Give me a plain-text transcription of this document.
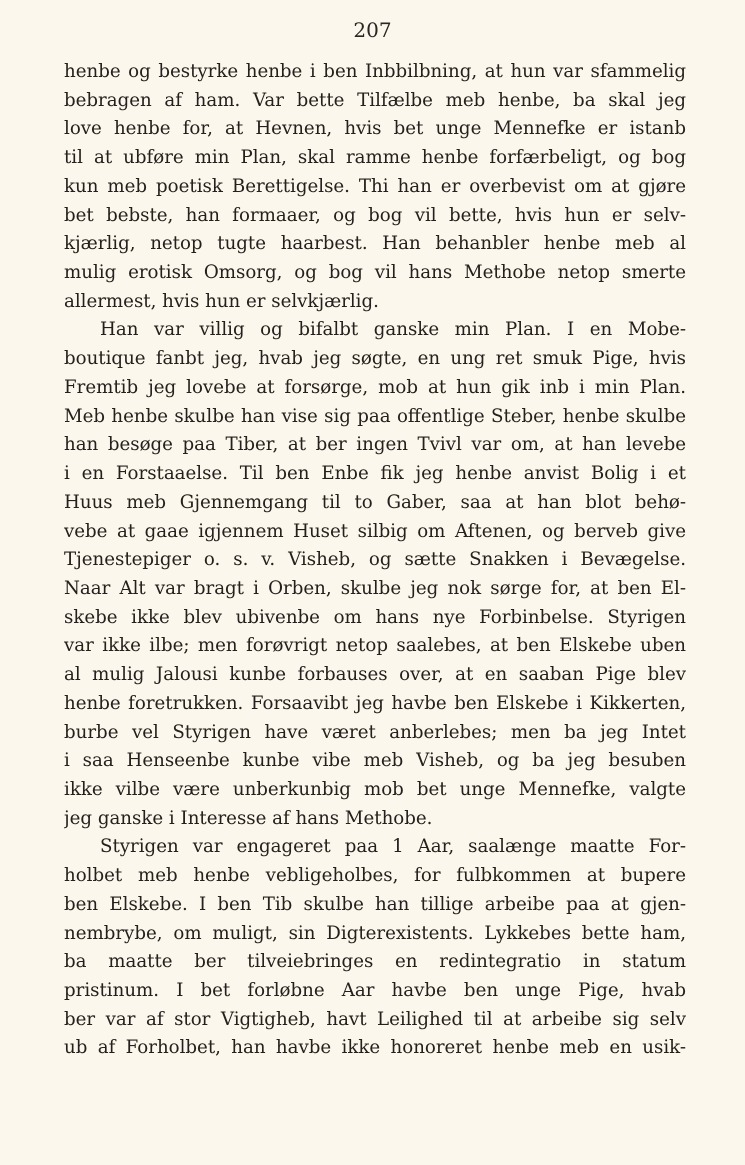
207
henbe og bestyrke henbe i ben Inbbilbning, at hun var sfammelig
bebragen af ham. Var bette Tilfælbe meb henbe, ba skal jeg
love henbe for, at Hevnen, hvis bet unge Mennefke er istanb
til at ubføre min Plan, skal ramme henbe forfærbeligt, og bog
kun meb poetisk Berettigelse. Thi han er overbevist om at gjøre
bet bebste, han formaaer, og bog vil bette, hvis hun er selv-
kjærlig, netop tugte haarbest. Han behanbler henbe meb al
mulig erotisk Omsorg, og bog vil hans Methobe netop smerte
allermest, hvis hun er selvkjærlig.
Han var villig og bifalbt ganske min Plan. I en Mobe-
boutique fanbt jeg, hvab jeg søgte, en ung ret smuk Pige, hvis
Fremtib jeg lovebe at forsørge, mob at hun gik inb i min Plan.
Meb henbe skulbe han vise sig paa offentlige Steber, henbe skulbe
han besøge paa Tiber, at ber ingen Tvivl var om, at han levebe
i en Forstaaelse. Til ben Enbe fik jeg henbe anvist Bolig i et
Huus meb Gjennemgang til to Gaber, saa at han blot behø-
vebe at gaae igjennem Huset silbig om Aftenen, og bervеb give
Tjenestepiger o. s. v. Visheb, og sætte Snakken i Bevægelse.
Naar Alt var bragt i Orben, skulbe jeg nok sørge for, at ben El-
skebe ikke blev ubivenbe om hans nye Forbinbelse. Styrigen
var ikke ilbe; men forøvrigt netop saalebes, at ben Elskebe uben
al mulig Jalousi kunbe forbauses over, at en saaban Pige blev
henbe foretrukken. Forsaavibt jeg havbe ben Elskebe i Kikkerten,
burbe vel Styrigen have været anberlebes; men ba jeg Intet
i saa Henseenbe kunbe vibe meb Visheb, og ba jeg besuben
ikke vilbe være unberkunbig mob bet unge Mennefke, valgte
jeg ganske i Interesse af hans Methobe.
Styrigen var engageret paa 1 Aar, saalænge maatte For-
holbet meb henbe vebligeholbes, for fulbkommen at bupere
ben Elskebe. I ben Tib skulbe han tillige arbeibe paa at gjen-
nembrybe, om muligt, sin Digterexistents. Lykkebes bette ham,
ba maatte ber tilveiebringes en redintegratio in statum
pristinum. I bet forløbne Aar havbe ben unge Pige, hvab
ber var af stor Vigtigheb, havt Leilighed til at arbeibe sig selv
ub af Forholbet, han havbe ikke honoreret henbe meb en usik-
